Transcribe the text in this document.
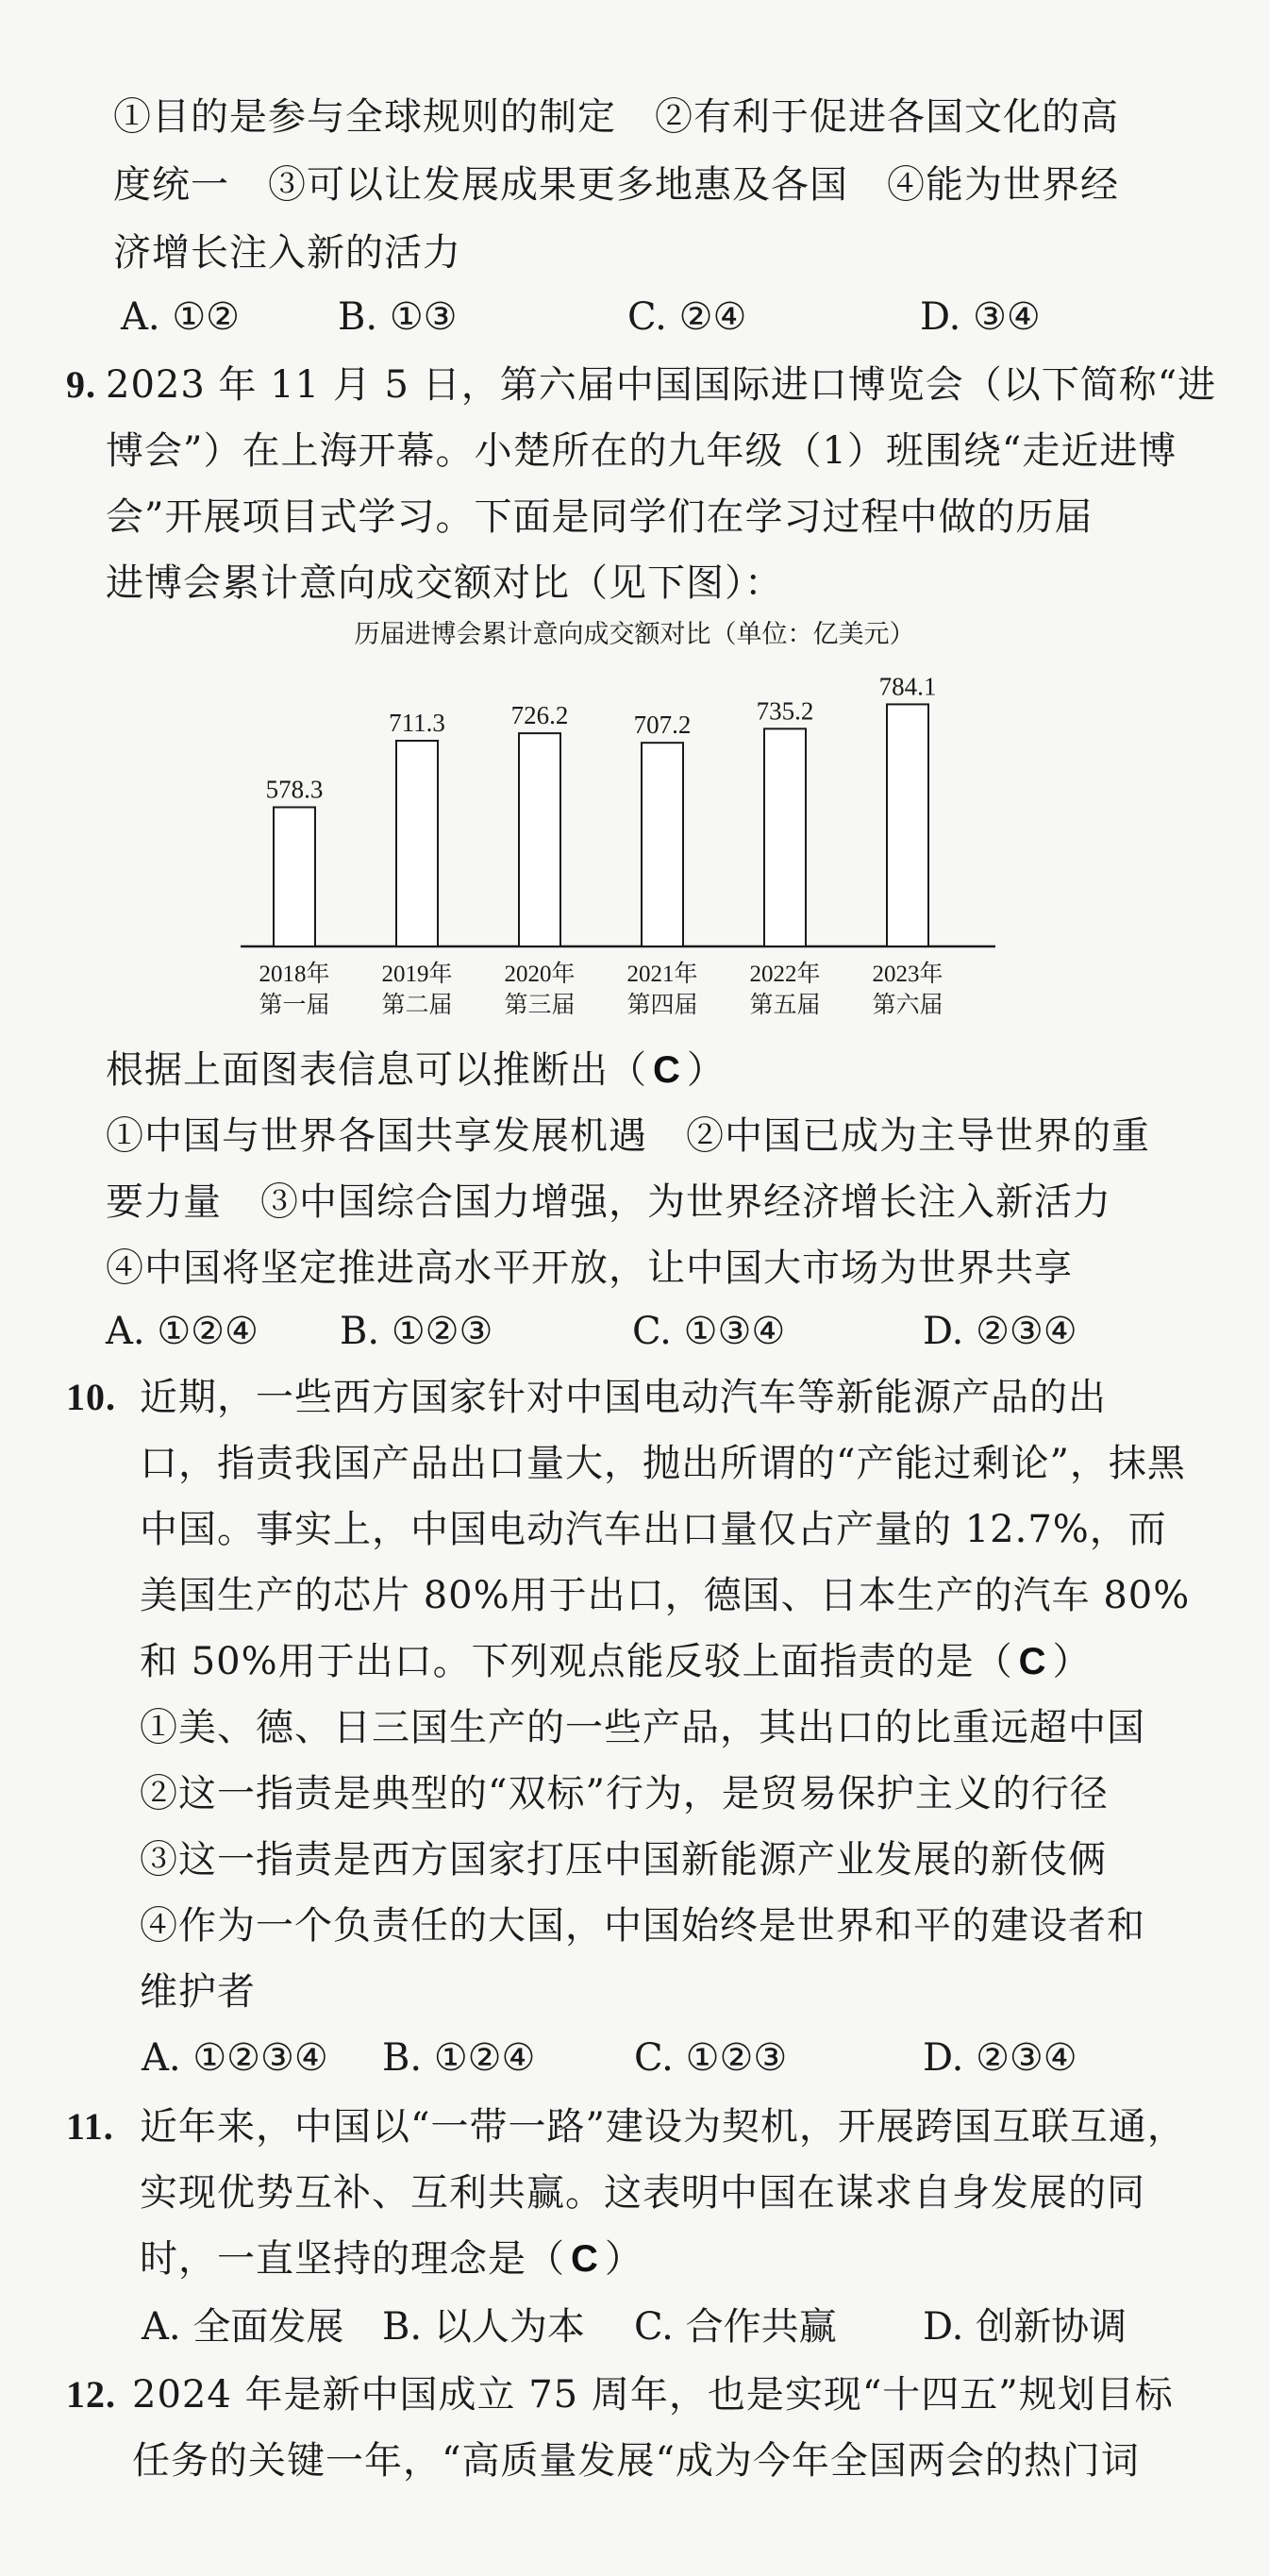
①目的是参与全球规则的制定　②有利于促进各国文化的高
度统一　③可以让发展成果更多地惠及各国　④能为世界经
济增长注入新的活力
A. ①②	B. ①③	C. ②④	D. ③④
9. 2023 年 11 月 5 日，第六届中国国际进口博览会（以下简称“进
博会”）在上海开幕。小楚所在的九年级（1）班围绕“走近进博
会”开展项目式学习。下面是同学们在学习过程中做的历届
进博会累计意向成交额对比（见下图）：
历届进博会累计意向成交额对比（单位：亿美元）
578.3
2018年
第一届
711.3
2019年
第二届
726.2
2020年
第三届
707.2
2021年
第四届
735.2
2022年
第五届
784.1
2023年
第六届
根据上面图表信息可以推断出（ C ）
①中国与世界各国共享发展机遇　②中国已成为主导世界的重
要力量　③中国综合国力增强，为世界经济增长注入新活力
④中国将坚定推进高水平开放，让中国大市场为世界共享
A. ①②④ B. ①②③	C. ①③④	D. ②③④
10. 近期，一些西方国家针对中国电动汽车等新能源产品的出
口，指责我国产品出口量大，抛出所谓的“产能过剩论”，抹黑
中国。事实上，中国电动汽车出口量仅占产量的 12.7%，而
美国生产的芯片 80%用于出口，德国、日本生产的汽车 80%
和 50%用于出口。下列观点能反驳上面指责的是（ C ）
①美、德、日三国生产的一些产品，其出口的比重远超中国
②这一指责是典型的“双标”行为，是贸易保护主义的行径
③这一指责是西方国家打压中国新能源产业发展的新伎俩
④作为一个负责任的大国，中国始终是世界和平的建设者和
维护者
A. ①②③④ B. ①②④	C. ①②③	D. ②③④
11. 近年来，中国以“一带一路”建设为契机，开展跨国互联互通，
实现优势互补、互利共赢。这表明中国在谋求自身发展的同
时，一直坚持的理念是（ C ）
A. 全面发展 B. 以人为本 C. 合作共赢 D. 创新协调
12. 2024 年是新中国成立 75 周年，也是实现“十四五”规划目标
任务的关键一年，“高质量发展“成为今年全国两会的热门词
